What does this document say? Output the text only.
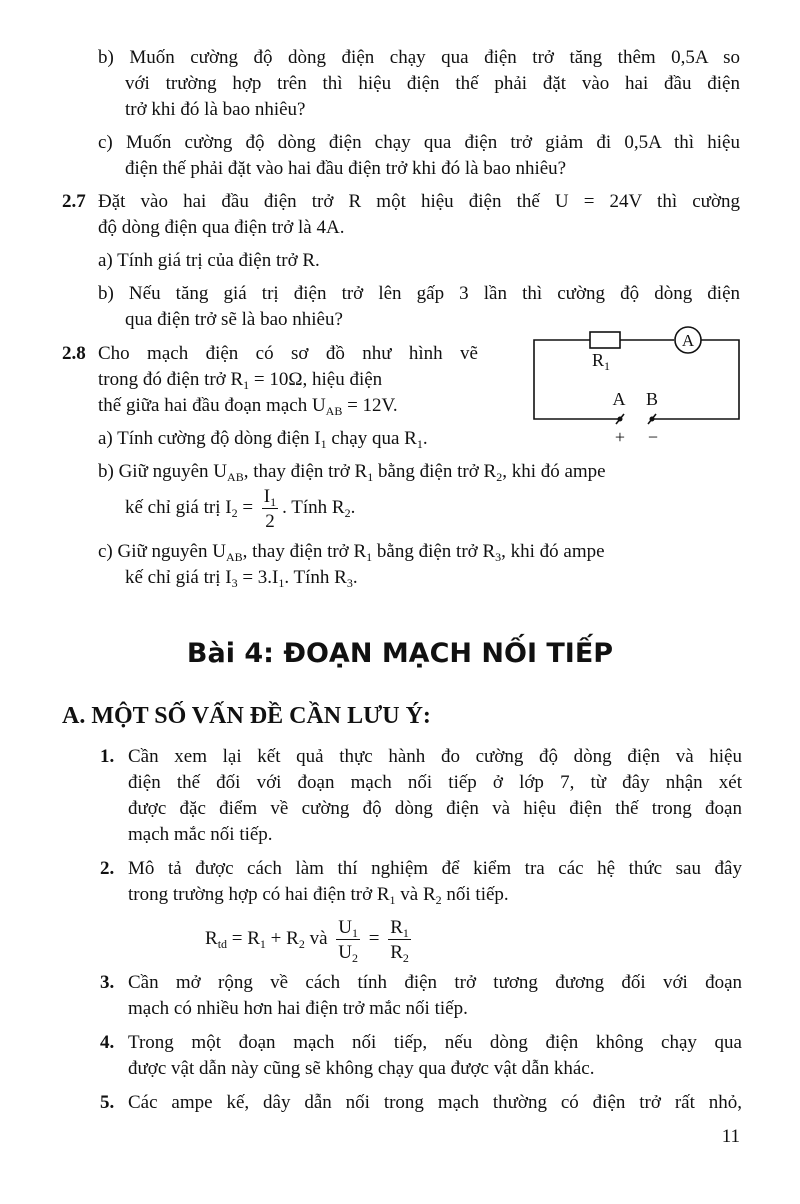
b) Muốn cường độ dòng điện chạy qua điện trở tăng thêm 0,5A so
với trường hợp trên thì hiệu điện thế phải đặt vào hai đầu điện
trở khi đó là bao nhiêu?
c) Muốn cường độ dòng điện chạy qua điện trở giảm đi 0,5A thì hiệu
điện thế phải đặt vào hai đầu điện trở khi đó là bao nhiêu?
2.7 Đặt vào hai đầu điện trở R một hiệu điện thế U = 24V thì cường
độ dòng điện qua điện trở là 4A.
a) Tính giá trị của điện trở R.
b) Nếu tăng giá trị điện trở lên gấp 3 lần thì cường độ dòng điện
qua điện trở sẽ là bao nhiêu?
2.8 Cho mạch điện có sơ đồ như hình vẽ
trong đó điện trở $R_1 = 10\Omega$, hiệu điện
thế giữa hai đầu đoạn mạch $U_{AB} = 12V$.
a) Tính cường độ dòng điện $I_1$ chạy qua $R_1$.
b) Giữ nguyên $U_{AB}$, thay điện trở $R_1$ bằng điện trở $R_2$, khi đó ampe
kế chỉ giá trị $I_2 = \frac{I_1}{2}$ . Tính $R_2$.
c) Giữ nguyên $U_{AB}$, thay điện trở $R_1$ bằng điện trở $R_3$, khi đó ampe
kế chỉ giá trị $I_3 = 3.I_1$. Tính $R_3$.
A
$R_1$
A B
+ −
Bài 4: ĐOẠN MẠCH NỐI TIẾP
A. MỘT SỐ VẤN ĐỀ CẦN LƯU Ý:
1. Cần xem lại kết quả thực hành đo cường độ dòng điện và hiệu
điện thế đối với đoạn mạch nối tiếp ở lớp 7, từ đây nhận xét
được đặc điểm về cường độ dòng điện và hiệu điện thế trong đoạn
mạch mắc nối tiếp.
2. Mô tả được cách làm thí nghiệm để kiểm tra các hệ thức sau đây
trong trường hợp có hai điện trở $R_1$ và $R_2$ nối tiếp.
$R_{td} = R_1 + R_2$ và $\frac{U_1}{U_2} = \frac{R_1}{R_2}$
3. Cần mở rộng về cách tính điện trở tương đương đối với đoạn
mạch có nhiều hơn hai điện trở mắc nối tiếp.
4. Trong một đoạn mạch nối tiếp, nếu dòng điện không chạy qua
được vật dẫn này cũng sẽ không chạy qua được vật dẫn khác.
5. Các ampe kế, dây dẫn nối trong mạch thường có điện trở rất nhỏ,
11
